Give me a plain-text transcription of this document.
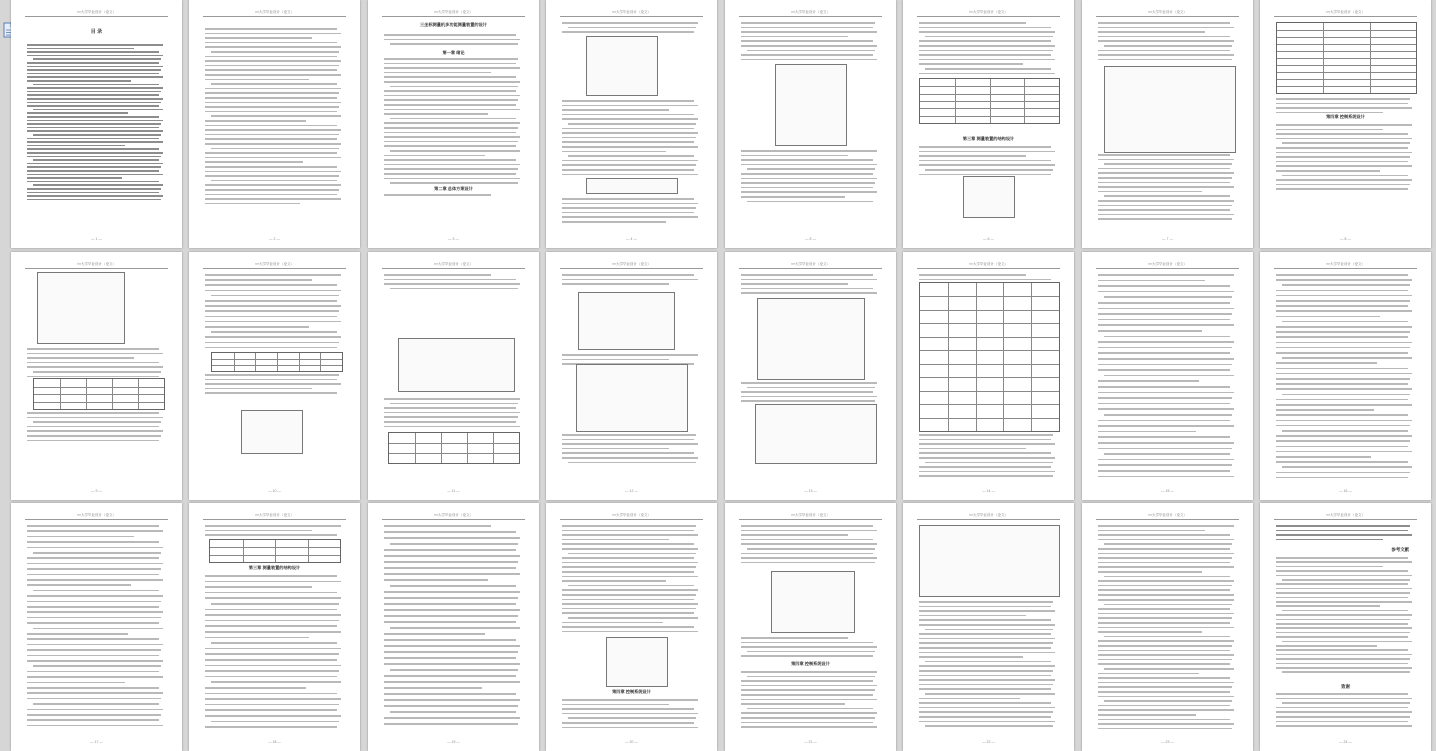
××大学毕业设计（论文）
— 1 —
目 录
××大学毕业设计（论文）
— 2 —
××大学毕业设计（论文）
— 3 —
三坐标测量机多功能测量装置的设计
第一章 绪论
第二章 总体方案设计
××大学毕业设计（论文）
— 4 —
××大学毕业设计（论文）
— 5 —
××大学毕业设计（论文）
— 6 —
第三章 测量装置的结构设计
××大学毕业设计（论文）
— 7 —
××大学毕业设计（论文）
— 8 —
第四章 控制系统设计
××大学毕业设计（论文）
— 9 —
××大学毕业设计（论文）
— 10 —
××大学毕业设计（论文）
— 11 —
××大学毕业设计（论文）
— 12 —
××大学毕业设计（论文）
— 13 —
××大学毕业设计（论文）
— 14 —
××大学毕业设计（论文）
— 15 —
××大学毕业设计（论文）
— 16 —
××大学毕业设计（论文）
— 17 —
××大学毕业设计（论文）
— 18 —
第三章 测量装置的结构设计
××大学毕业设计（论文）
— 19 —
××大学毕业设计（论文）
— 20 —
第四章 控制系统设计
××大学毕业设计（论文）
— 21 —
第四章 控制系统设计
××大学毕业设计（论文）
— 22 —
××大学毕业设计（论文）
— 23 —
××大学毕业设计（论文）
— 24 —
参考文献
致谢
